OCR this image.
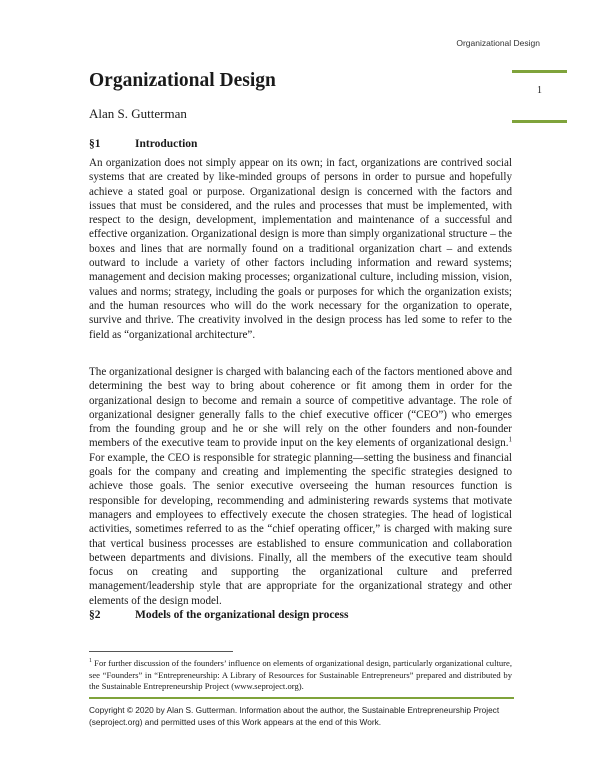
Organizational Design
1
Organizational Design

Alan S. Gutterman

§1	Introduction

An organization does not simply appear on its own; in fact, organizations are contrived social systems that are created by like-minded groups of persons in order to pursue and hopefully achieve a stated goal or purpose. Organizational design is concerned with the factors and issues that must be considered, and the rules and processes that must be implemented, with respect to the design, development, implementation and maintenance of a successful and effective organization. Organizational design is more than simply organizational structure – the boxes and lines that are normally found on a traditional organization chart – and extends outward to include a variety of other factors including information and reward systems; management and decision making processes; organizational culture, including mission, vision, values and norms; strategy, including the goals or purposes for which the organization exists; and the human resources who will do the work necessary for the organization to operate, survive and thrive. The creativity involved in the design process has led some to refer to the field as “organizational architecture”.

The organizational designer is charged with balancing each of the factors mentioned above and determining the best way to bring about coherence or fit among them in order for the organizational design to become and remain a source of competitive advantage. The role of organizational designer generally falls to the chief executive officer (“CEO”) who emerges from the founding group and he or she will rely on the other founders and non-founder members of the executive team to provide input on the key elements of organizational design.$^1$ For example, the CEO is responsible for strategic planning—setting the business and financial goals for the company and creating and implementing the specific strategies designed to achieve those goals. The senior executive overseeing the human resources function is responsible for developing, recommending and administering rewards systems that motivate managers and employees to effectively execute the chosen strategies. The head of logistical activities, sometimes referred to as the “chief operating officer,” is charged with making sure that vertical business processes are established to ensure communication and collaboration between departments and divisions. Finally, all the members of the executive team should focus on creating and supporting the organizational culture and preferred management/leadership style that are appropriate for the organizational strategy and other elements of the design model.

§2	Models of the organizational design process

$^1$ For further discussion of the founders’ influence on elements of organizational design, particularly organizational culture, see “Founders” in “Entrepreneurship: A Library of Resources for Sustainable Entrepreneurs” prepared and distributed by the Sustainable Entrepreneurship Project (www.seproject.org).

Copyright © 2020 by Alan S. Gutterman. Information about the author, the Sustainable Entrepreneurship Project (seproject.org) and permitted uses of this Work appears at the end of this Work.
